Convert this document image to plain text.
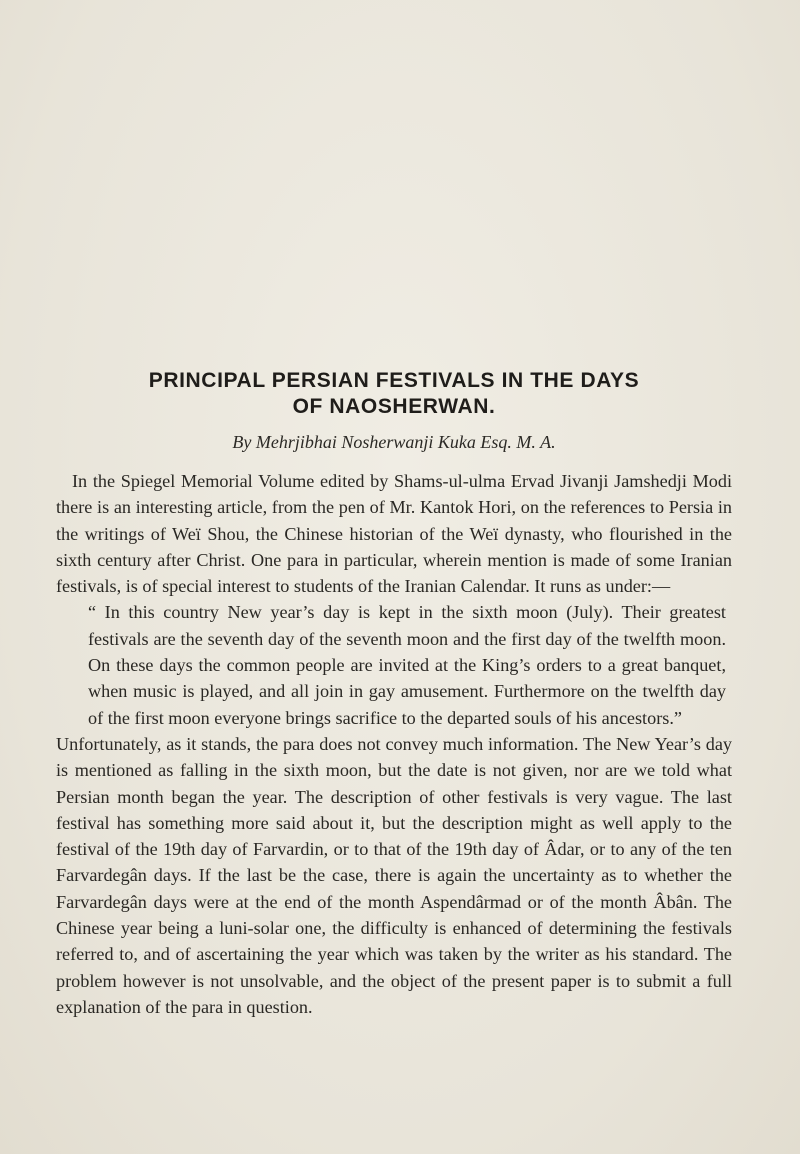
PRINCIPAL PERSIAN FESTIVALS IN THE DAYS
OF NAOSHERWAN.
By Mehrjibhai Nosherwanji Kuka Esq. M. A.

In the Spiegel Memorial Volume edited by Shams-ul-ulma Ervad Jivanji Jamshedji Modi there is an interesting article, from the pen of Mr. Kantok Hori, on the references to Persia in the writings of Weï Shou, the Chinese historian of the Weï dynasty, who flourished in the sixth century after Christ. One para in particular, wherein mention is made of some Iranian festivals, is of special interest to students of the Iranian Calendar. It runs as under:—

“ In this country New year’s day is kept in the sixth moon (July). Their greatest festivals are the seventh day of the seventh moon and the first day of the twelfth moon. On these days the common people are invited at the King’s orders to a great banquet, when music is played, and all join in gay amusement. Furthermore on the twelfth day of the first moon everyone brings sacrifice to the departed souls of his ancestors.”

Unfortunately, as it stands, the para does not convey much information. The New Year’s day is mentioned as falling in the sixth moon, but the date is not given, nor are we told what Persian month began the year. The description of other festivals is very vague. The last festival has something more said about it, but the description might as well apply to the festival of the 19th day of Farvardin, or to that of the 19th day of Âdar, or to any of the ten Farvardegân days. If the last be the case, there is again the uncertainty as to whether the Farvardegân days were at the end of the month Aspendârmad or of the month Âbân. The Chinese year being a luni-solar one, the difficulty is enhanced of determining the festivals referred to, and of ascertaining the year which was taken by the writer as his standard. The problem however is not unsolvable, and the object of the present paper is to submit a full explanation of the para in question.
